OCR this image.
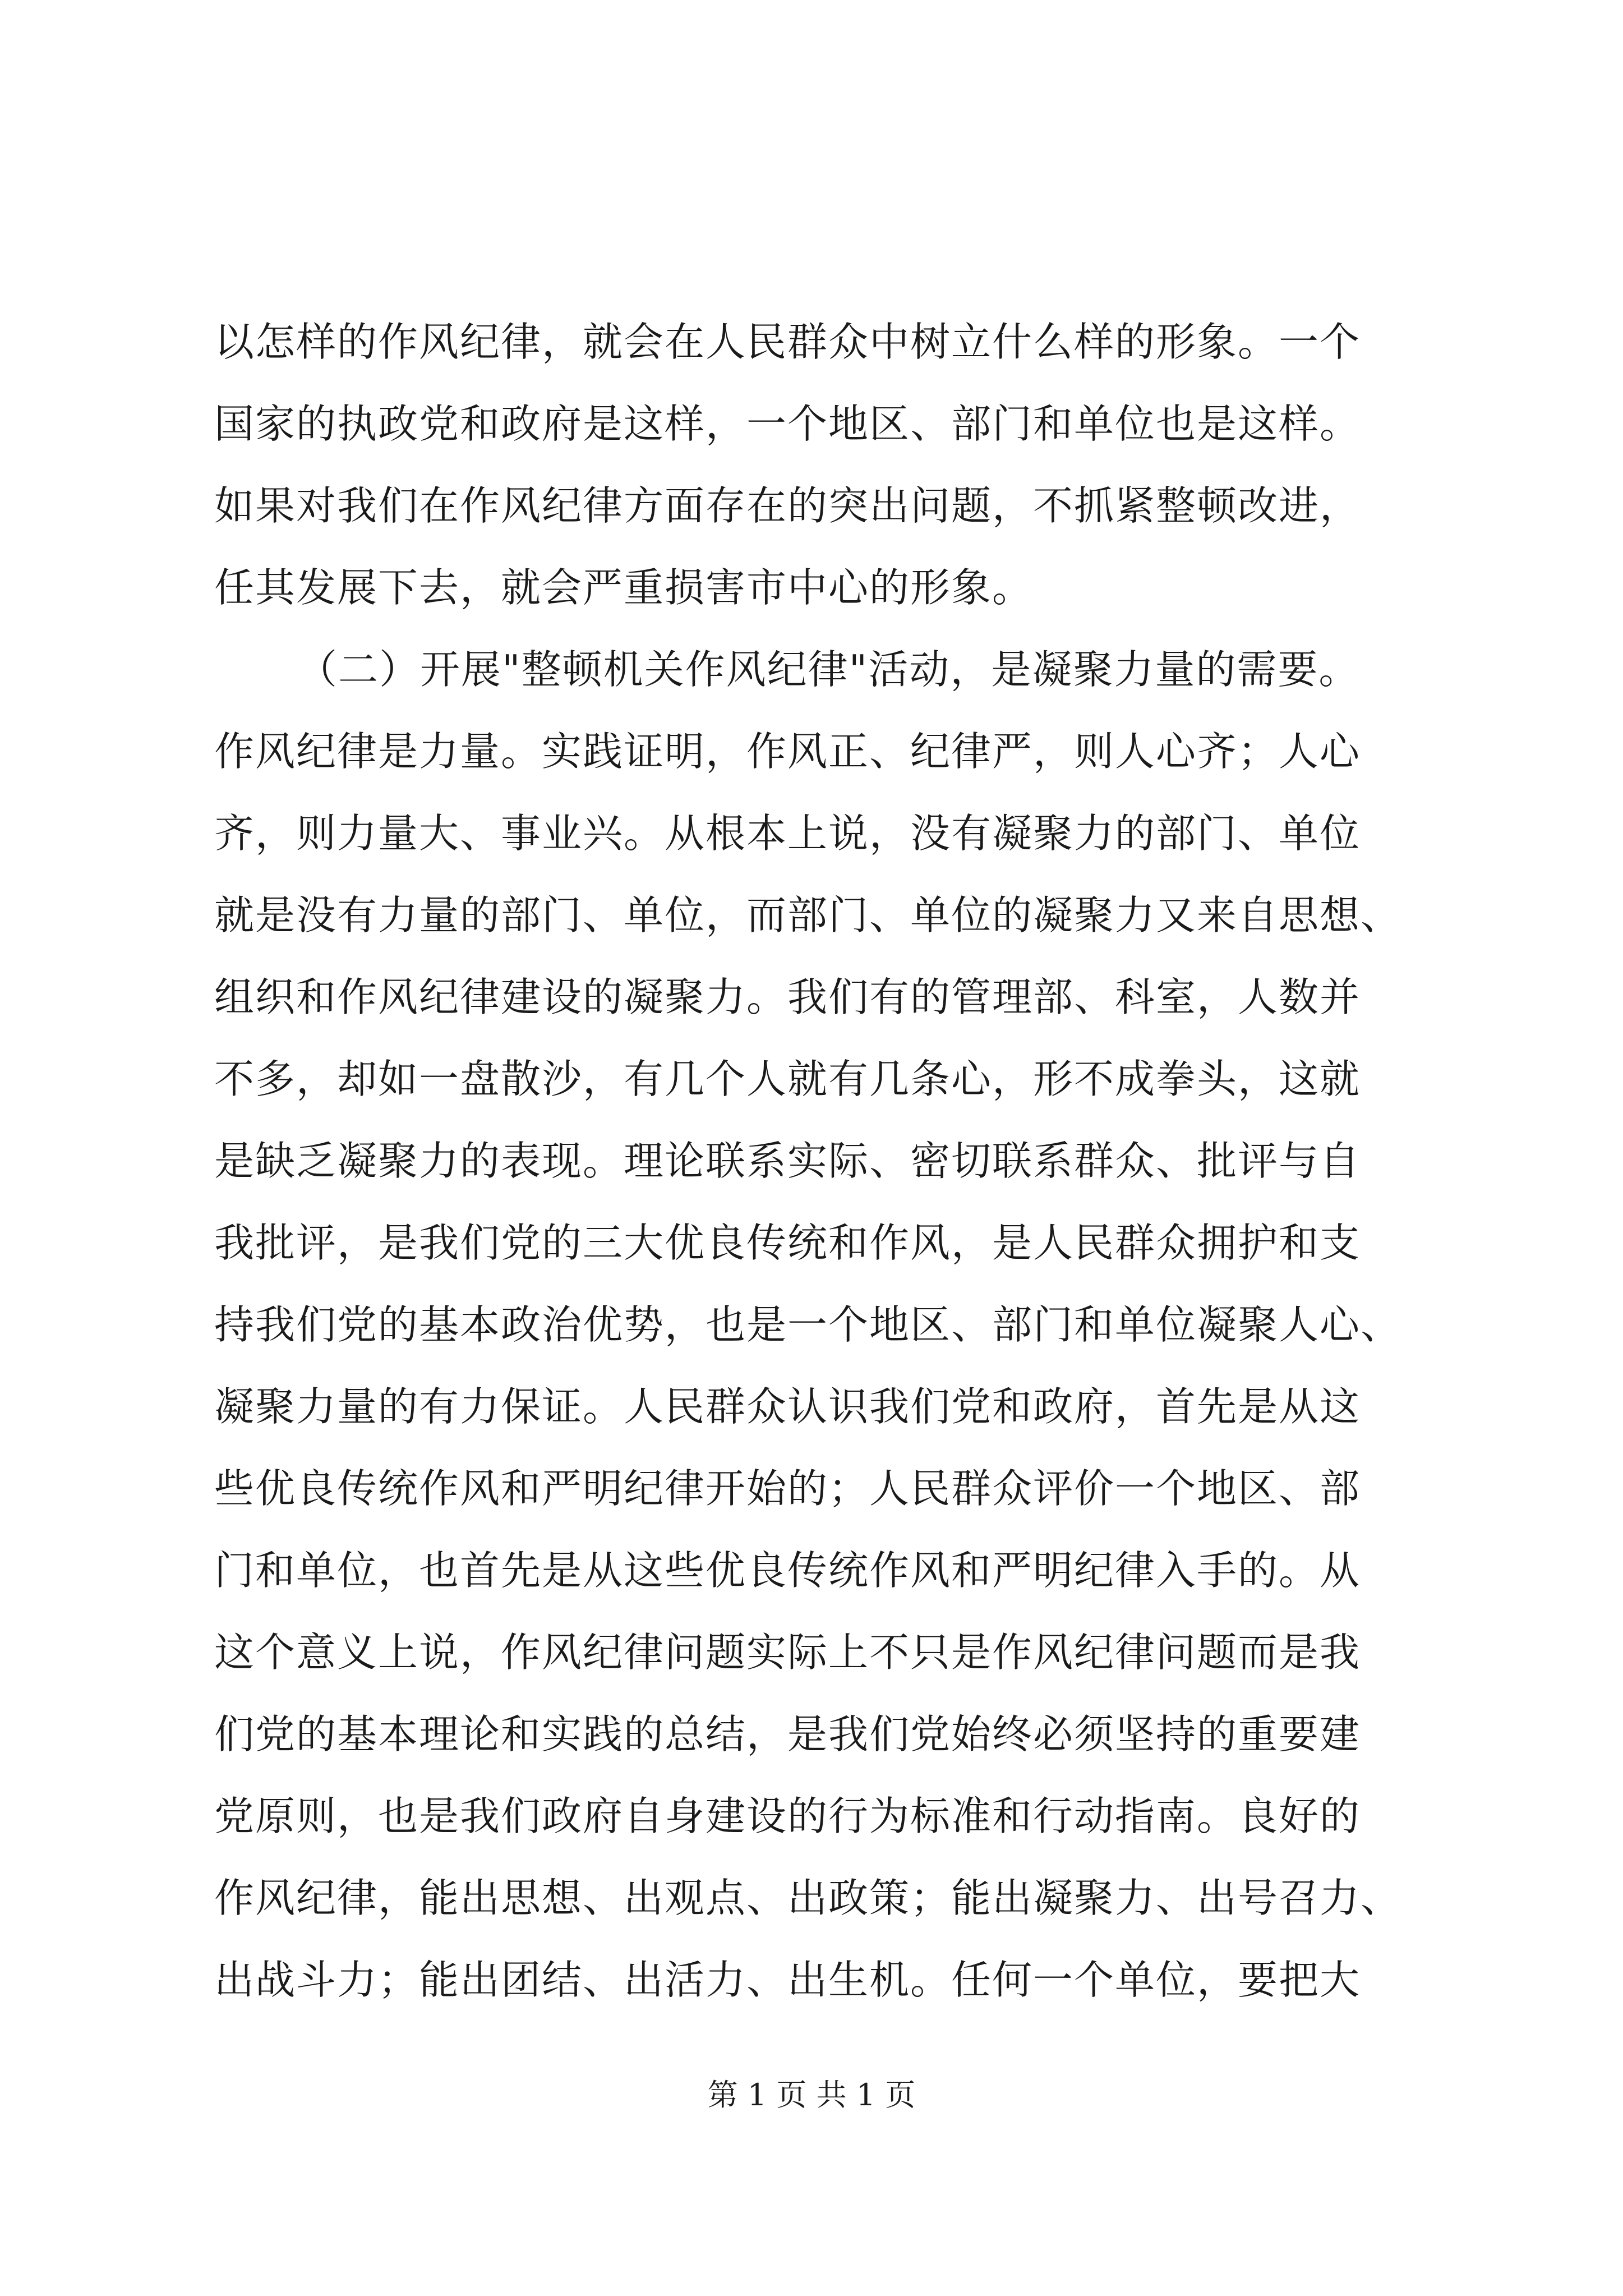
以怎样的作风纪律，就会在人民群众中树立什么样的形象。一个
国家的执政党和政府是这样，一个地区、部门和单位也是这样。
如果对我们在作风纪律方面存在的突出问题，不抓紧整顿改进，
任其发展下去，就会严重损害市中心的形象。
（二）开展"整顿机关作风纪律"活动，是凝聚力量的需要。
作风纪律是力量。实践证明，作风正、纪律严，则人心齐；人心
齐，则力量大、事业兴。从根本上说，没有凝聚力的部门、单位
就是没有力量的部门、单位，而部门、单位的凝聚力又来自思想、
组织和作风纪律建设的凝聚力。我们有的管理部、科室，人数并
不多，却如一盘散沙，有几个人就有几条心，形不成拳头，这就
是缺乏凝聚力的表现。理论联系实际、密切联系群众、批评与自
我批评，是我们党的三大优良传统和作风，是人民群众拥护和支
持我们党的基本政治优势，也是一个地区、部门和单位凝聚人心、
凝聚力量的有力保证。人民群众认识我们党和政府，首先是从这
些优良传统作风和严明纪律开始的；人民群众评价一个地区、部
门和单位，也首先是从这些优良传统作风和严明纪律入手的。从
这个意义上说，作风纪律问题实际上不只是作风纪律问题而是我
们党的基本理论和实践的总结，是我们党始终必须坚持的重要建
党原则，也是我们政府自身建设的行为标准和行动指南。良好的
作风纪律，能出思想、出观点、出政策；能出凝聚力、出号召力、
出战斗力；能出团结、出活力、出生机。任何一个单位，要把大
第 1 页 共 1 页
